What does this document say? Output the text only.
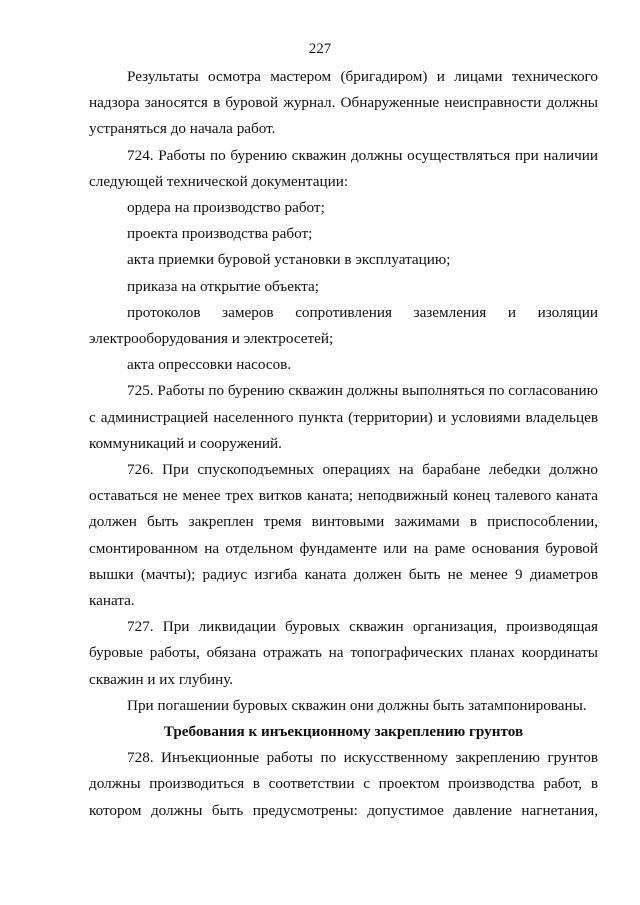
227

Результаты осмотра мастером (бригадиром) и лицами технического надзора заносятся в буровой журнал. Обнаруженные неисправности должны устраняться до начала работ.

724. Работы по бурению скважин должны осуществляться при наличии следующей технической документации:

ордера на производство работ;

проекта производства работ;

акта приемки буровой установки в эксплуатацию;

приказа на открытие объекта;

протоколов замеров сопротивления заземления и изоляции электрооборудования и электросетей;

акта опрессовки насосов.

725. Работы по бурению скважин должны выполняться по согласованию с администрацией населенного пункта (территории) и условиями владельцев коммуникаций и сооружений.

726. При спускоподъемных операциях на барабане лебедки должно оставаться не менее трех витков каната; неподвижный конец талевого каната должен быть закреплен тремя винтовыми зажимами в приспособлении, смонтированном на отдельном фундаменте или на раме основания буровой вышки (мачты); радиус изгиба каната должен быть не менее 9 диаметров каната.

727. При ликвидации буровых скважин организация, производящая буровые работы, обязана отражать на топографических планах координаты скважин и их глубину.

При погашении буровых скважин они должны быть затампонированы.

Требования к инъекционному закреплению грунтов

728. Инъекционные работы по искусственному закреплению грунтов должны производиться в соответствии с проектом производства работ, в котором должны быть предусмотрены: допустимое давление нагнетания,
